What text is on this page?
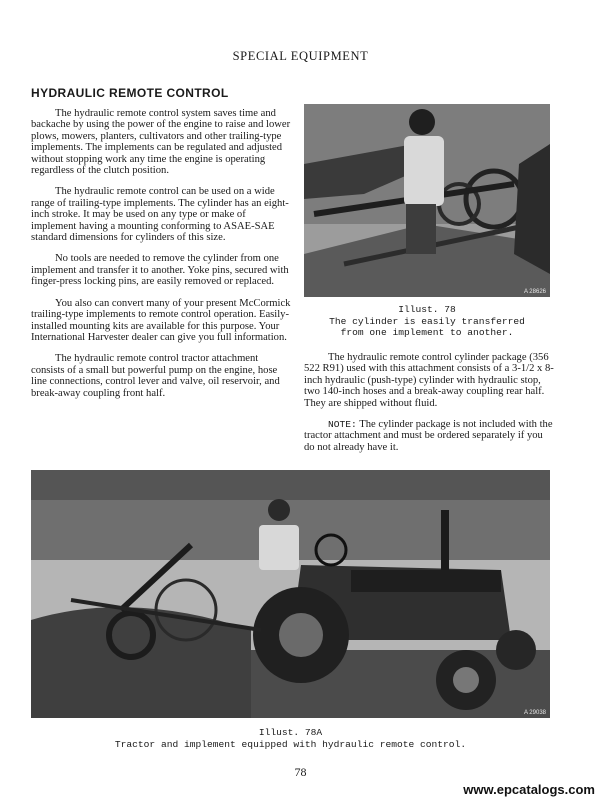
SPECIAL EQUIPMENT
HYDRAULIC REMOTE CONTROL

The hydraulic remote control system saves time and backache by using the power of the engine to raise and lower plows, mowers, planters, cultivators and other trailing-type implements. The implements can be regulated and adjusted without stopping work any time the engine is operating regardless of the clutch position.

The hydraulic remote control can be used on a wide range of trailing-type implements. The cylinder has an eight-inch stroke. It may be used on any type or make of implement having a mounting conforming to ASAE-SAE standard dimensions for cylinders of this size.

No tools are needed to remove the cylinder from one implement and transfer it to another. Yoke pins, secured with finger-press locking pins, are easily removed or replaced.

You also can convert many of your present McCormick trailing-type implements to remote control operation. Easily-installed mounting kits are available for this purpose. Your International Harvester dealer can give you full information.

The hydraulic remote control tractor attachment consists of a small but powerful pump on the engine, hose line connections, control lever and valve, oil reservoir, and break-away coupling front half.

A 28626
Illust. 78
The cylinder is easily transferred
from one implement to another.

The hydraulic remote control cylinder package (356 522 R91) used with this attachment consists of a 3-1/2 x 8-inch hydraulic (push-type) cylinder with hydraulic stop, two 140-inch hoses and a break-away coupling rear half. They are shipped without fluid.

NOTE: The cylinder package is not included with the tractor attachment and must be ordered separately if you do not already have it.

A 29038
Illust. 78A
Tractor and implement equipped with hydraulic remote control.
78
www.epcatalogs.com
